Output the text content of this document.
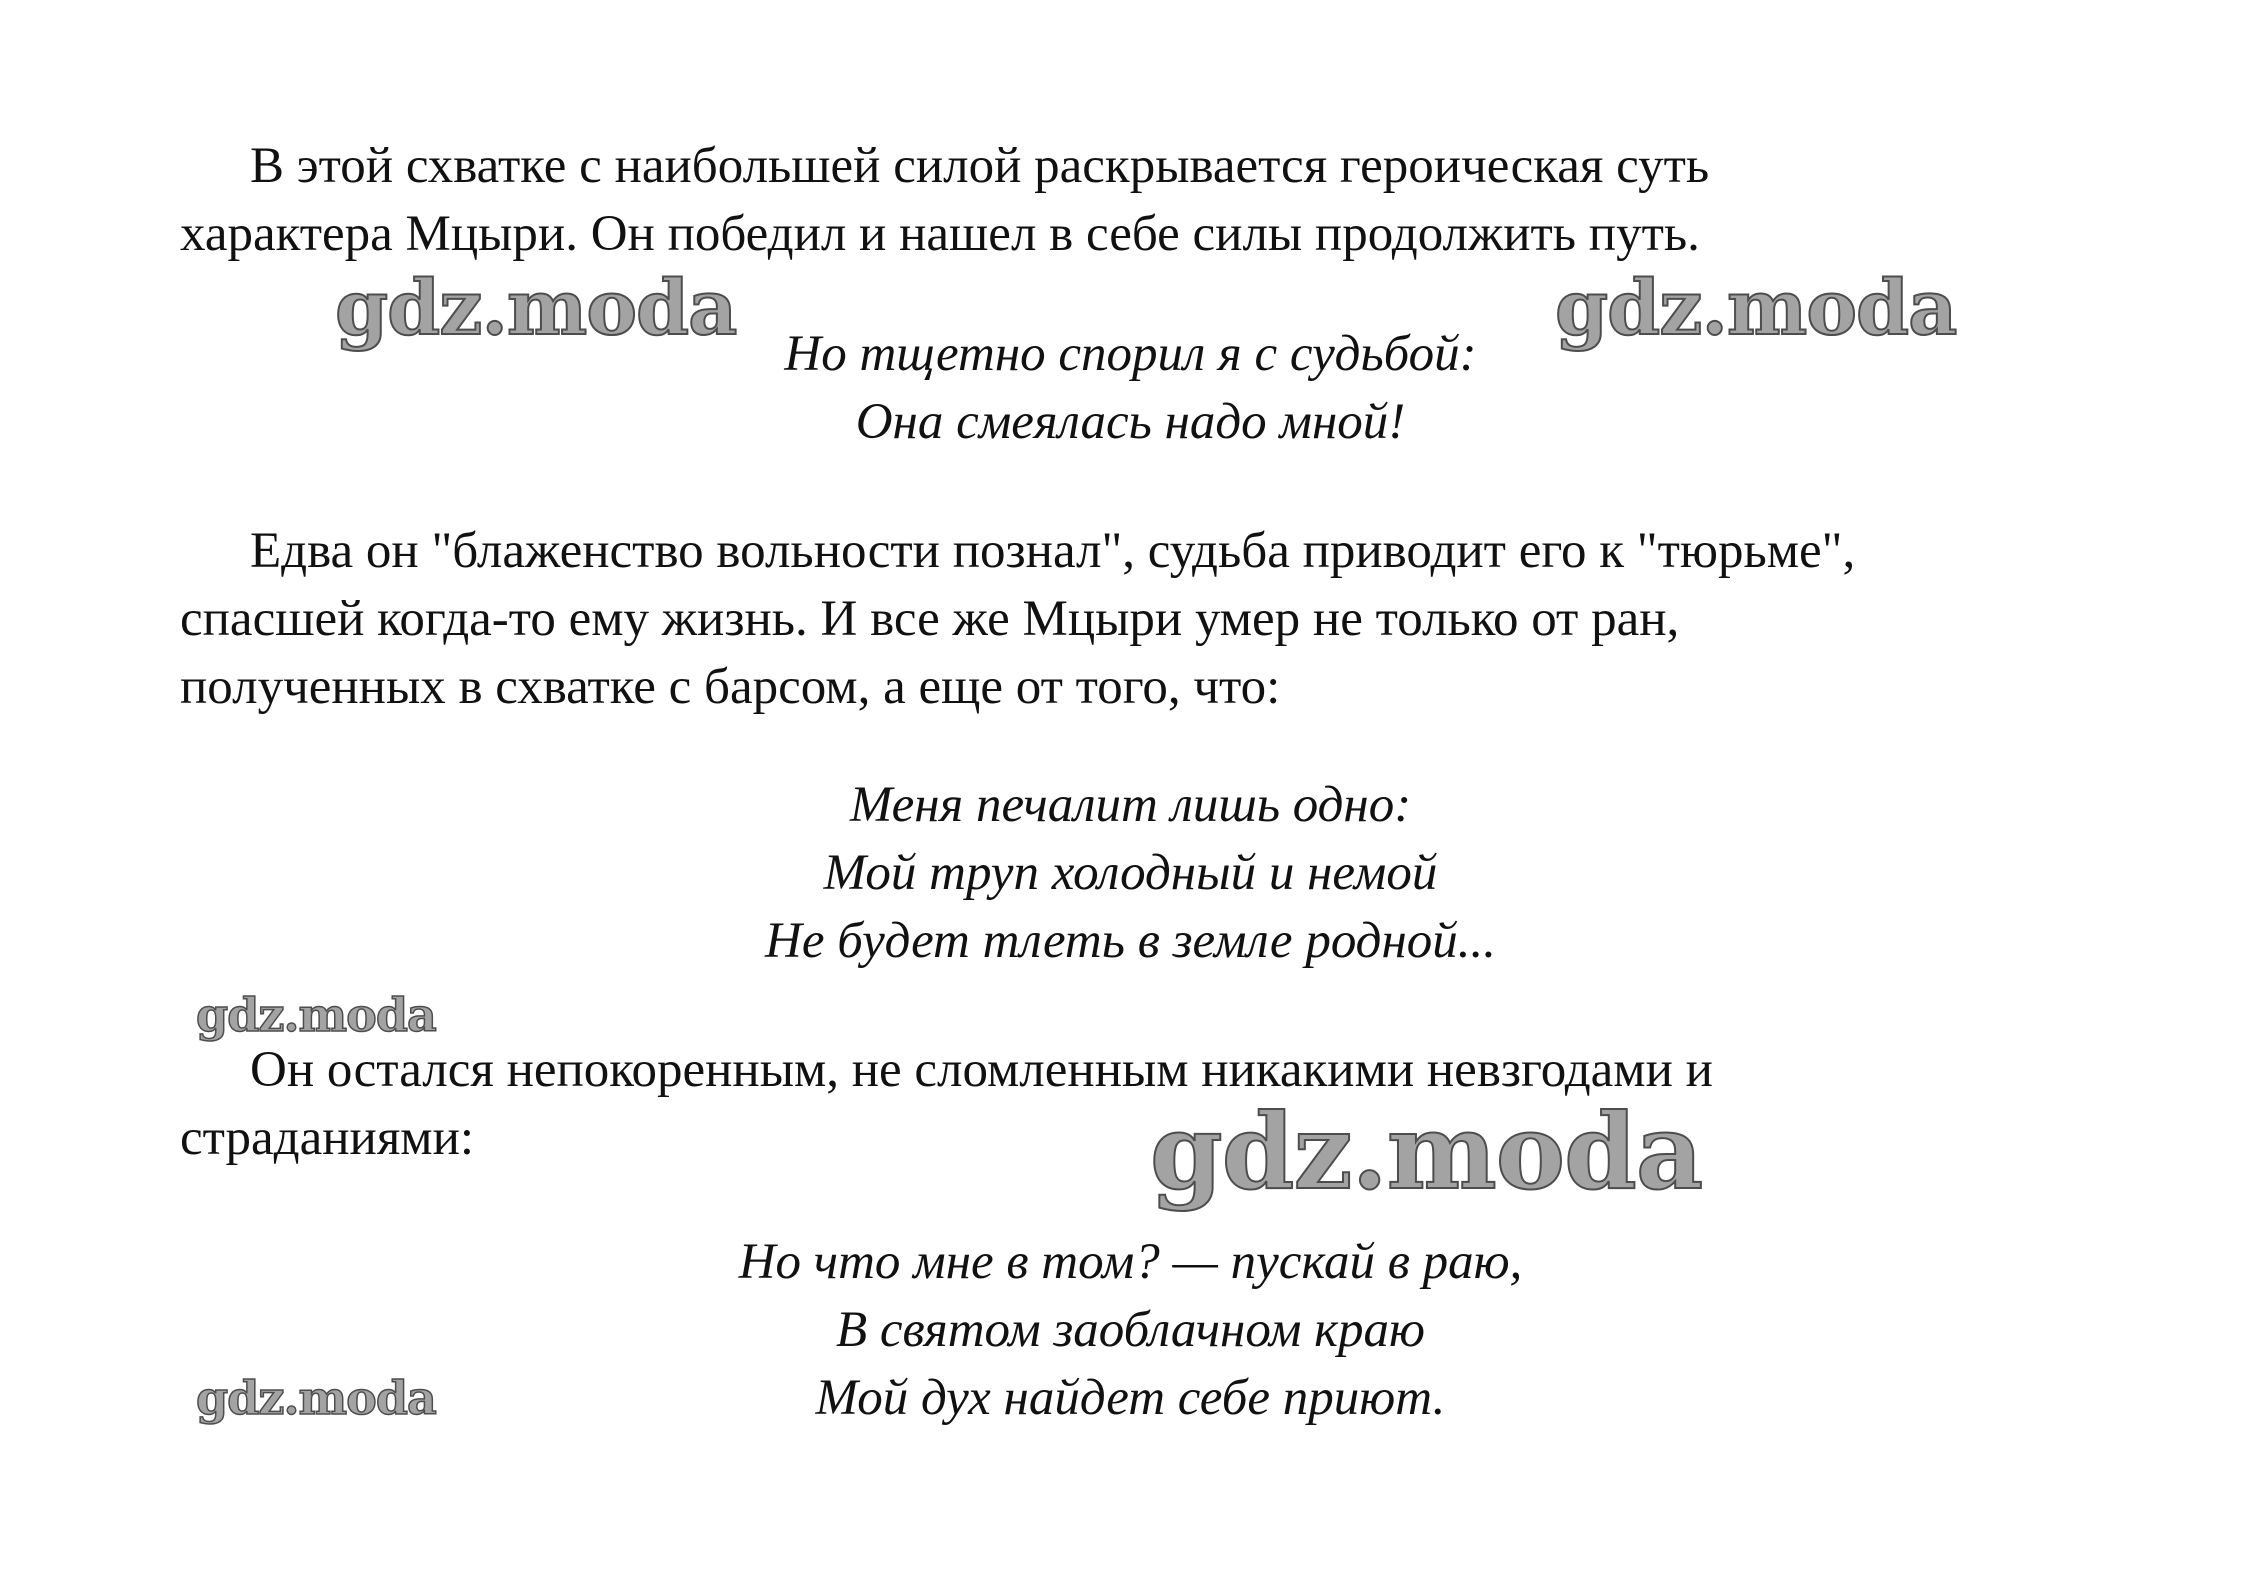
В этой схватке с наибольшей силой раскрывается героическая суть
характера Мцыри. Он победил и нашел в себе силы продолжить путь.
Но тщетно спорил я с судьбой:
Она смеялась надо мной!
Едва он "блаженство вольности познал", судьба приводит его к "тюрьме",
спасшей когда-то ему жизнь. И все же Мцыри умер не только от ран,
полученных в схватке с барсом, а еще от того, что:
Меня печалит лишь одно:
Мой труп холодный и немой
Не будет тлеть в земле родной...
Он остался непокоренным, не сломленным никакими невзгодами и
страданиями:
Но что мне в том? — пускай в раю,
В святом заоблачном краю
Мой дух найдет себе приют.
gdz.moda	gdz.moda
gdz.moda
gdz.moda
gdz.moda
